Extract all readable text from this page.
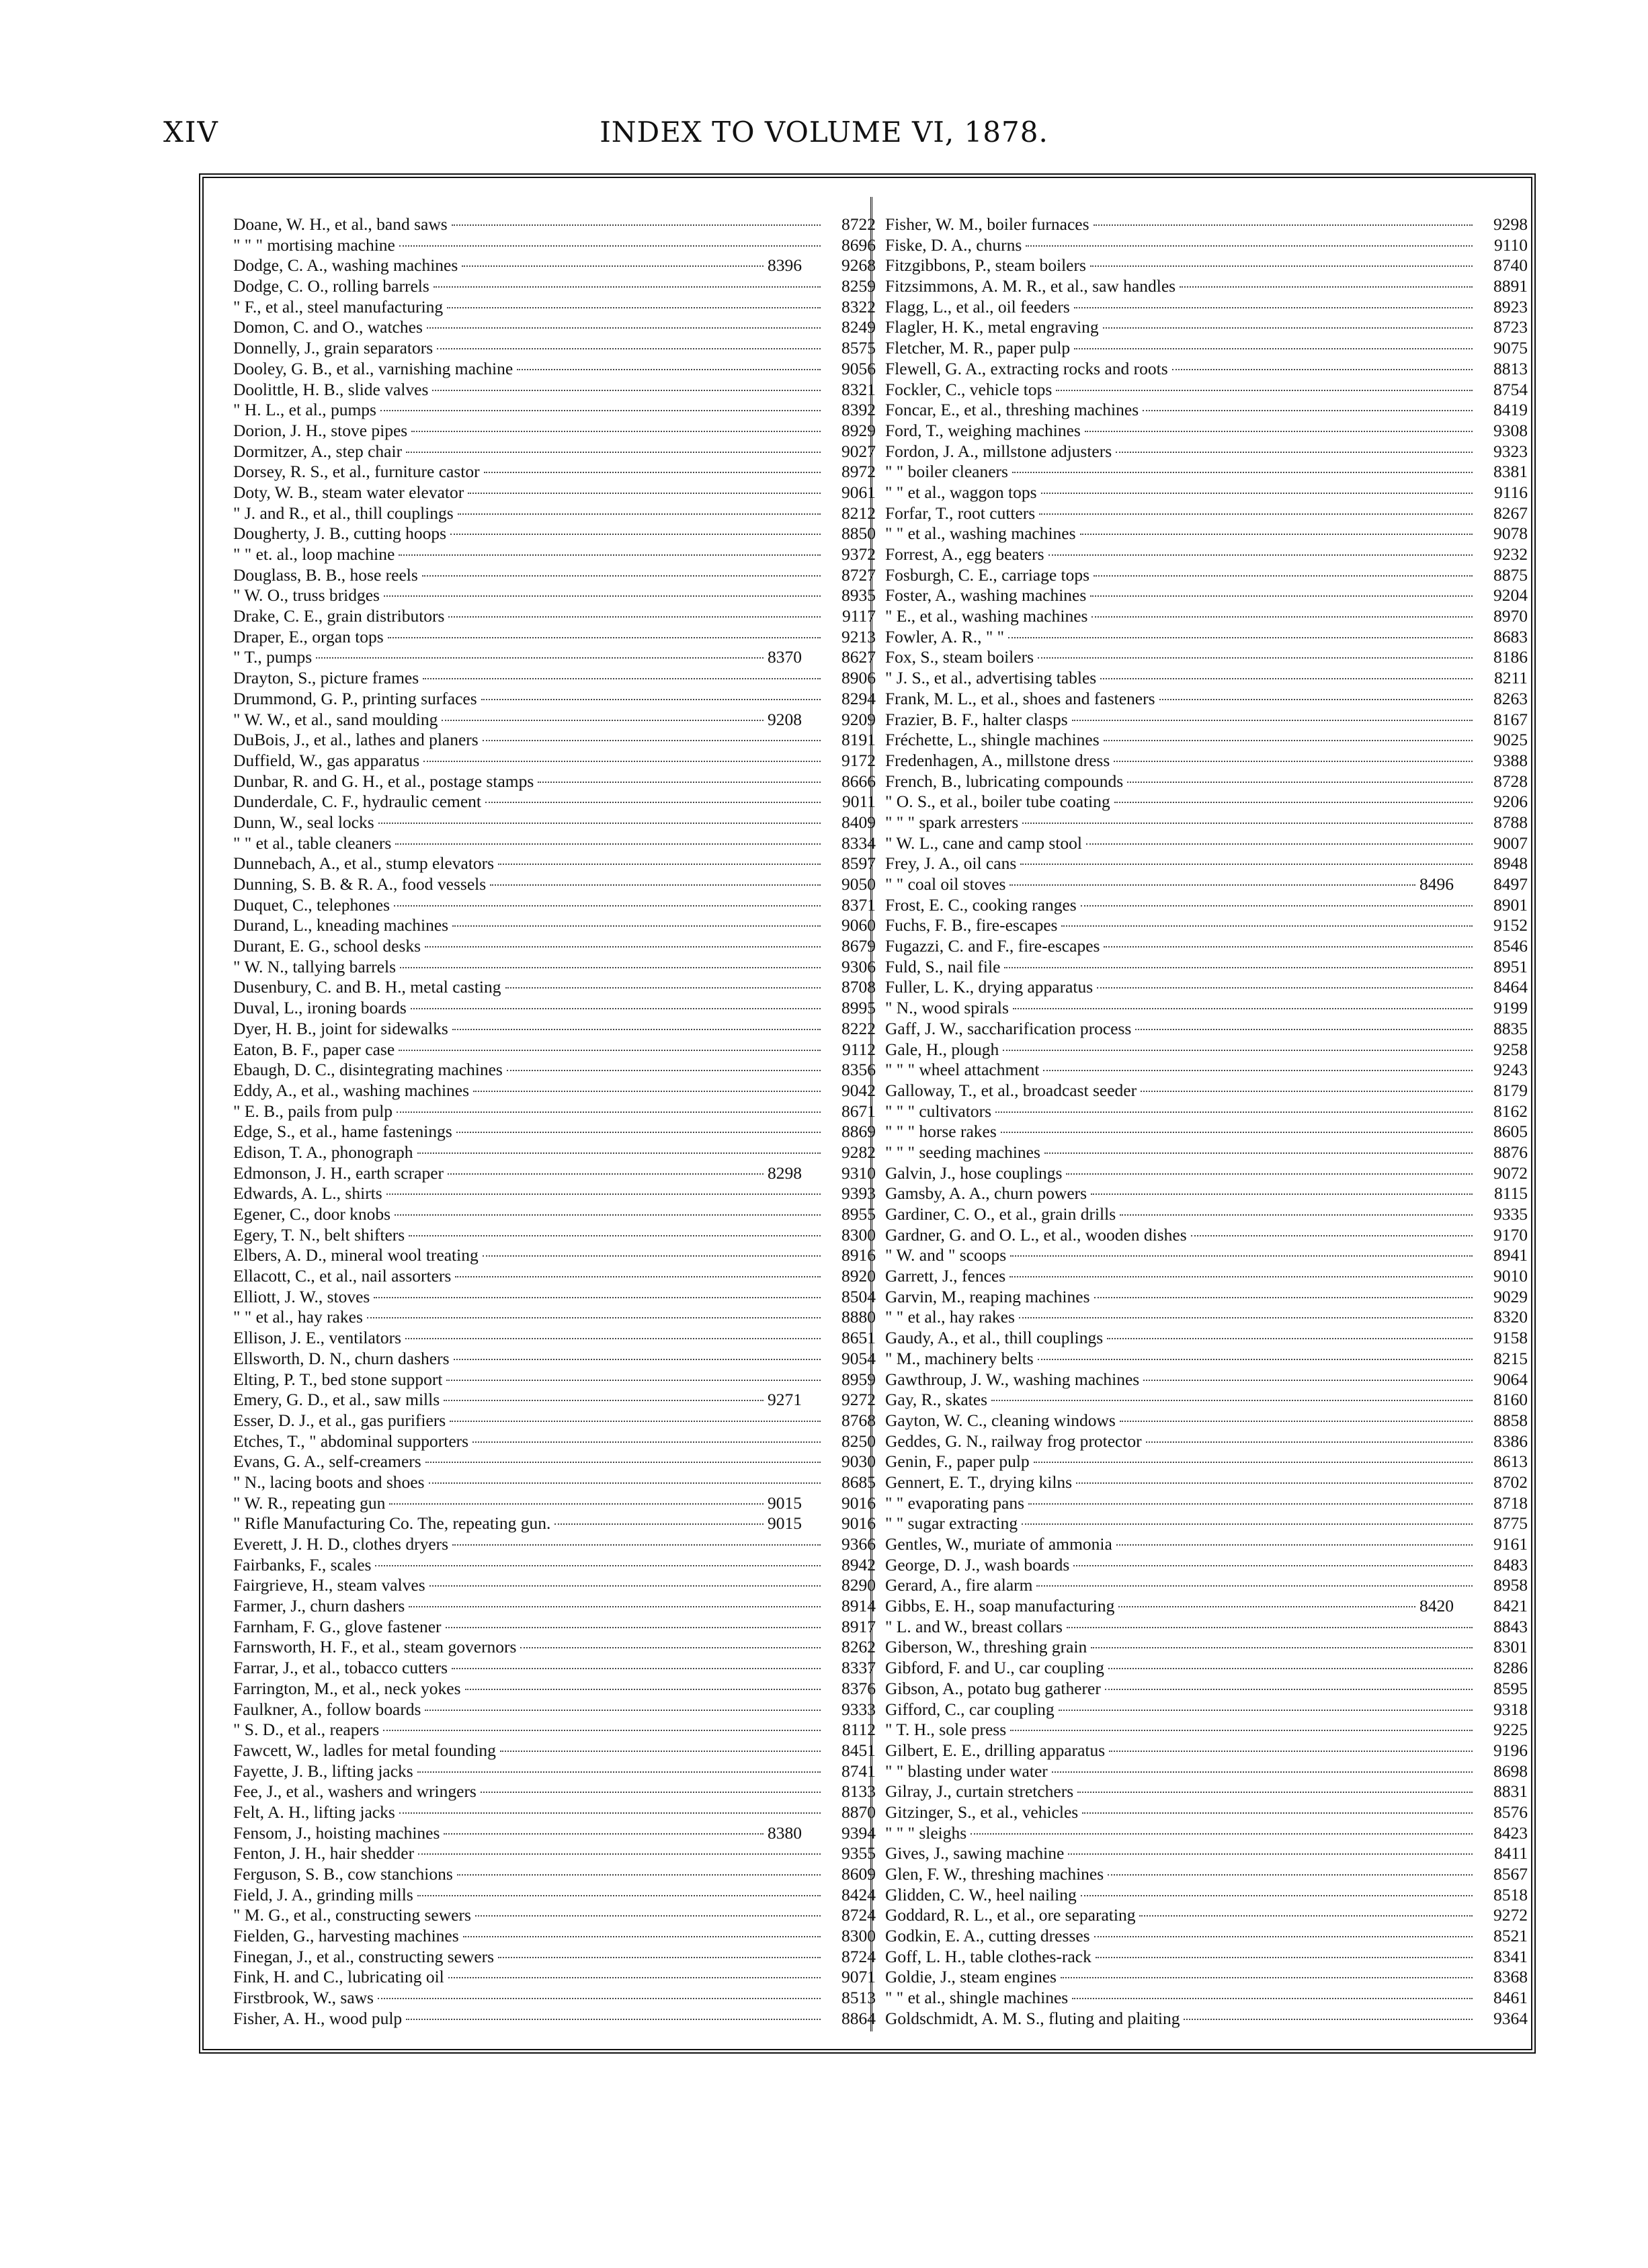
XIV	INDEX TO VOLUME VI, 1878.
Doane, W. H., et al., band saws	8722
" " " mortising machine	8696
Dodge, C. A., washing machines	8396	9268
Dodge, C. O., rolling barrels	8259
" F., et al., steel manufacturing	8322
Domon, C. and O., watches	8249
Donnelly, J., grain separators	8575
Dooley, G. B., et al., varnishing machine	9056
Doolittle, H. B., slide valves	8321
" H. L., et al., pumps	8392
Dorion, J. H., stove pipes	8929
Dormitzer, A., step chair	9027
Dorsey, R. S., et al., furniture castor	8972
Doty, W. B., steam water elevator	9061
" J. and R., et al., thill couplings	8212
Dougherty, J. B., cutting hoops	8850
" " et. al., loop machine	9372
Douglass, B. B., hose reels	8727
" W. O., truss bridges	8935
Drake, C. E., grain distributors	9117
Draper, E., organ tops	9213
" T., pumps	8370	8627
Drayton, S., picture frames	8906
Drummond, G. P., printing surfaces	8294
" W. W., et al., sand moulding	9208	9209
DuBois, J., et al., lathes and planers	8191
Duffield, W., gas apparatus	9172
Dunbar, R. and G. H., et al., postage stamps	8666
Dunderdale, C. F., hydraulic cement	9011
Dunn, W., seal locks	8409
" " et al., table cleaners	8334
Dunnebach, A., et al., stump elevators	8597
Dunning, S. B. & R. A., food vessels	9050
Duquet, C., telephones	8371
Durand, L., kneading machines	9060
Durant, E. G., school desks	8679
" W. N., tallying barrels	9306
Dusenbury, C. and B. H., metal casting	8708
Duval, L., ironing boards	8995
Dyer, H. B., joint for sidewalks	8222
Eaton, B. F., paper case	9112
Ebaugh, D. C., disintegrating machines	8356
Eddy, A., et al., washing machines	9042
" E. B., pails from pulp	8671
Edge, S., et al., hame fastenings	8869
Edison, T. A., phonograph	9282
Edmonson, J. H., earth scraper	8298	9310
Edwards, A. L., shirts	9393
Egener, C., door knobs	8955
Egery, T. N., belt shifters	8300
Elbers, A. D., mineral wool treating	8916
Ellacott, C., et al., nail assorters	8920
Elliott, J. W., stoves	8504
" " et al., hay rakes	8880
Ellison, J. E., ventilators	8651
Ellsworth, D. N., churn dashers	9054
Elting, P. T., bed stone support	8959
Emery, G. D., et al., saw mills	9271	9272
Esser, D. J., et al., gas purifiers	8768
Etches, T., " abdominal supporters	8250
Evans, G. A., self-creamers	9030
" N., lacing boots and shoes	8685
" W. R., repeating gun	9015	9016
" Rifle Manufacturing Co. The, repeating gun.	9015	9016
Everett, J. H. D., clothes dryers	9366
Fairbanks, F., scales	8942
Fairgrieve, H., steam valves	8290
Farmer, J., churn dashers	8914
Farnham, F. G., glove fastener	8917
Farnsworth, H. F., et al., steam governors	8262
Farrar, J., et al., tobacco cutters	8337
Farrington, M., et al., neck yokes	8376
Faulkner, A., follow boards	9333
" S. D., et al., reapers	8112
Fawcett, W., ladles for metal founding	8451
Fayette, J. B., lifting jacks	8741
Fee, J., et al., washers and wringers	8133
Felt, A. H., lifting jacks	8870
Fensom, J., hoisting machines	8380	9394
Fenton, J. H., hair shedder	9355
Ferguson, S. B., cow stanchions	8609
Field, J. A., grinding mills	8424
" M. G., et al., constructing sewers	8724
Fielden, G., harvesting machines	8300
Finegan, J., et al., constructing sewers	8724
Fink, H. and C., lubricating oil	9071
Firstbrook, W., saws	8513
Fisher, A. H., wood pulp	8864
Fisher, W. M., boiler furnaces	9298
Fiske, D. A., churns	9110
Fitzgibbons, P., steam boilers	8740
Fitzsimmons, A. M. R., et al., saw handles	8891
Flagg, L., et al., oil feeders	8923
Flagler, H. K., metal engraving	8723
Fletcher, M. R., paper pulp	9075
Flewell, G. A., extracting rocks and roots	8813
Fockler, C., vehicle tops	8754
Foncar, E., et al., threshing machines	8419
Ford, T., weighing machines	9308
Fordon, J. A., millstone adjusters	9323
" " boiler cleaners	8381
" " et al., waggon tops	9116
Forfar, T., root cutters	8267
" " et al., washing machines	9078
Forrest, A., egg beaters	9232
Fosburgh, C. E., carriage tops	8875
Foster, A., washing machines	9204
" E., et al., washing machines	8970
Fowler, A. R., " "	8683
Fox, S., steam boilers	8186
" J. S., et al., advertising tables	8211
Frank, M. L., et al., shoes and fasteners	8263
Frazier, B. F., halter clasps	8167
Fréchette, L., shingle machines	9025
Fredenhagen, A., millstone dress	9388
French, B., lubricating compounds	8728
" O. S., et al., boiler tube coating	9206
" " " spark arresters	8788
" W. L., cane and camp stool	9007
Frey, J. A., oil cans	8948
" " coal oil stoves	8496	8497
Frost, E. C., cooking ranges	8901
Fuchs, F. B., fire-escapes	9152
Fugazzi, C. and F., fire-escapes	8546
Fuld, S., nail file	8951
Fuller, L. K., drying apparatus	8464
" N., wood spirals	9199
Gaff, J. W., saccharification process	8835
Gale, H., plough	9258
" " " wheel attachment	9243
Galloway, T., et al., broadcast seeder	8179
" " " cultivators	8162
" " " horse rakes	8605
" " " seeding machines	8876
Galvin, J., hose couplings	9072
Gamsby, A. A., churn powers	8115
Gardiner, C. O., et al., grain drills	9335
Gardner, G. and O. L., et al., wooden dishes	9170
" W. and " scoops	8941
Garrett, J., fences	9010
Garvin, M., reaping machines	9029
" " et al., hay rakes	8320
Gaudy, A., et al., thill couplings	9158
" M., machinery belts	8215
Gawthroup, J. W., washing machines	9064
Gay, R., skates	8160
Gayton, W. C., cleaning windows	8858
Geddes, G. N., railway frog protector	8386
Genin, F., paper pulp	8613
Gennert, E. T., drying kilns	8702
" " evaporating pans	8718
" " sugar extracting	8775
Gentles, W., muriate of ammonia	9161
George, D. J., wash boards	8483
Gerard, A., fire alarm	8958
Gibbs, E. H., soap manufacturing	8420	8421
" L. and W., breast collars	8843
Giberson, W., threshing grain	8301
Gibford, F. and U., car coupling	8286
Gibson, A., potato bug gatherer	8595
Gifford, C., car coupling	9318
" T. H., sole press	9225
Gilbert, E. E., drilling apparatus	9196
" " blasting under water	8698
Gilray, J., curtain stretchers	8831
Gitzinger, S., et al., vehicles	8576
" " " sleighs	8423
Gives, J., sawing machine	8411
Glen, F. W., threshing machines	8567
Glidden, C. W., heel nailing	8518
Goddard, R. L., et al., ore separating	9272
Godkin, E. A., cutting dresses	8521
Goff, L. H., table clothes-rack	8341
Goldie, J., steam engines	8368
" " et al., shingle machines	8461
Goldschmidt, A. M. S., fluting and plaiting	9364
